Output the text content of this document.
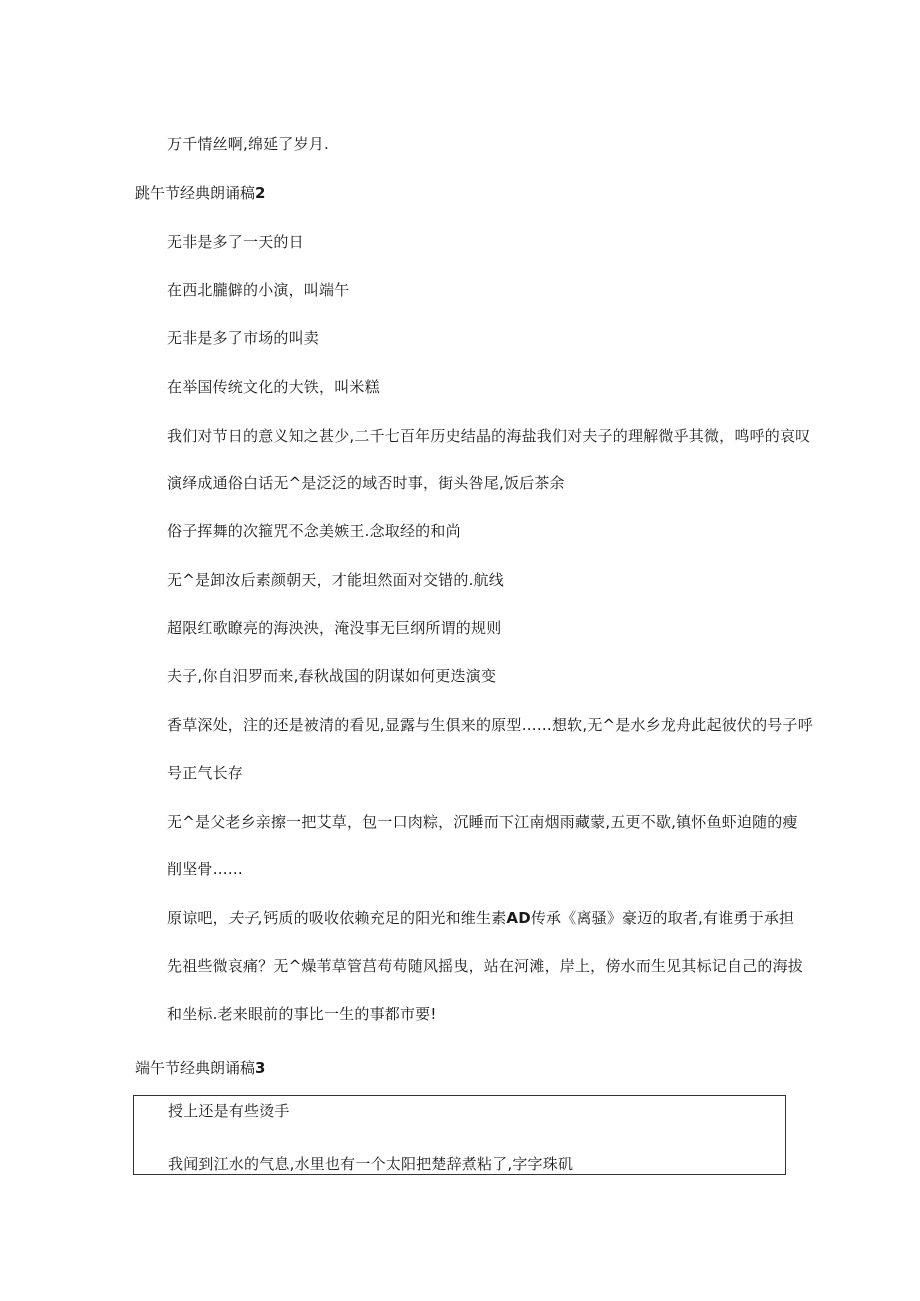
万千情丝啊,绵延了岁月.
跳午节经典朗诵稿2
无非是多了一天的日
在西北朧僻的小演，叫端午
无非是多了市场的叫卖
在举国传统文化的大铁，叫米糕
我们对节日的意义知之甚少,二千七百年历史结晶的海盐我们对夫子的理解微乎其微，鸣呼的哀叹
演绎成通俗白话无^是泛泛的域否时事，街头咎尾,饭后茶余
俗子挥舞的次箍咒不念美嫉王.念取经的和尚
无^是卸汝后素颜朝天，才能坦然面对交错的.航线
超限红歌瞭亮的海泱泱，淹没事无巨纲所谓的规则
夫子,你自汨罗而来,春秋战国的阴谋如何更迭演变
香草深处，注的还是被清的看见,显露与生俱来的原型……想软,无^是水乡龙舟此起彼伏的号子呼
号正气长存
无^是父老乡亲擦一把艾草，包一口肉粽，沉睡而下江南烟雨藏蒙,五更不歇,镇怀鱼虾迫随的瘦
削坚骨……
原谅吧，夫子,钙质的吸收依赖充足的阳光和维生素AD传承《离骚》豪迈的取者,有谁勇于承担
先祖些微哀痛？无^燥苇草管莒苟苟随风摇曳，站在河滩，岸上，傍水而生见其标记自己的海拔
和坐标.老来眼前的事比一生的事都市要!
端午节经典朗诵稿3
授上还是有些烫手
我闻到江水的气息,水里也有一个太阳把楚辞煮粘了,字字珠矶
